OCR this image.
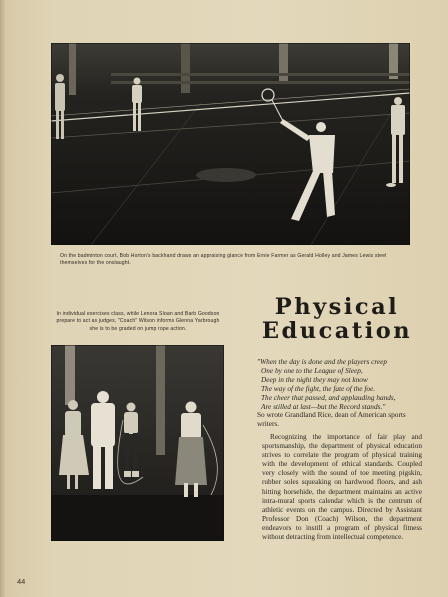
On the badminton court, Bob Horton's backhand draws an appraising glance from Ernie Farmer as Gerald Holley and James Lewis steel themselves for the onslaught.

In individual exercises class, while Lenora Sloan and Barb Goodson prepare to act as judges, "Coach" Wilson informs Glenna Yarbrough she is to be graded on jump rope action.

Physical
Education
"When the day is done and the players creep
One by one to the League of Sleep,
Deep in the night they may not know
The way of the fight, the fate of the foe.
The cheer that passed, and applauding hands,
Are stilled at last—but the Record stands."

So wrote Grandland Rice, dean of American sports writers.

Recognizing the importance of fair play and sportsmanship, the department of physical education strives to correlate the program of physical training with the development of ethical standards. Coupled very closely with the sound of toe meeting pigskin, rubber soles squeaking on hardwood floors, and ash hitting horsehide, the department maintains an active intra-mural sports calendar which is the centrum of athletic events on the campus. Directed by Assistant Professor Don (Coach) Wilson, the department endeavors to instill a program of physical fitness without detracting from intellectual competence.

44
